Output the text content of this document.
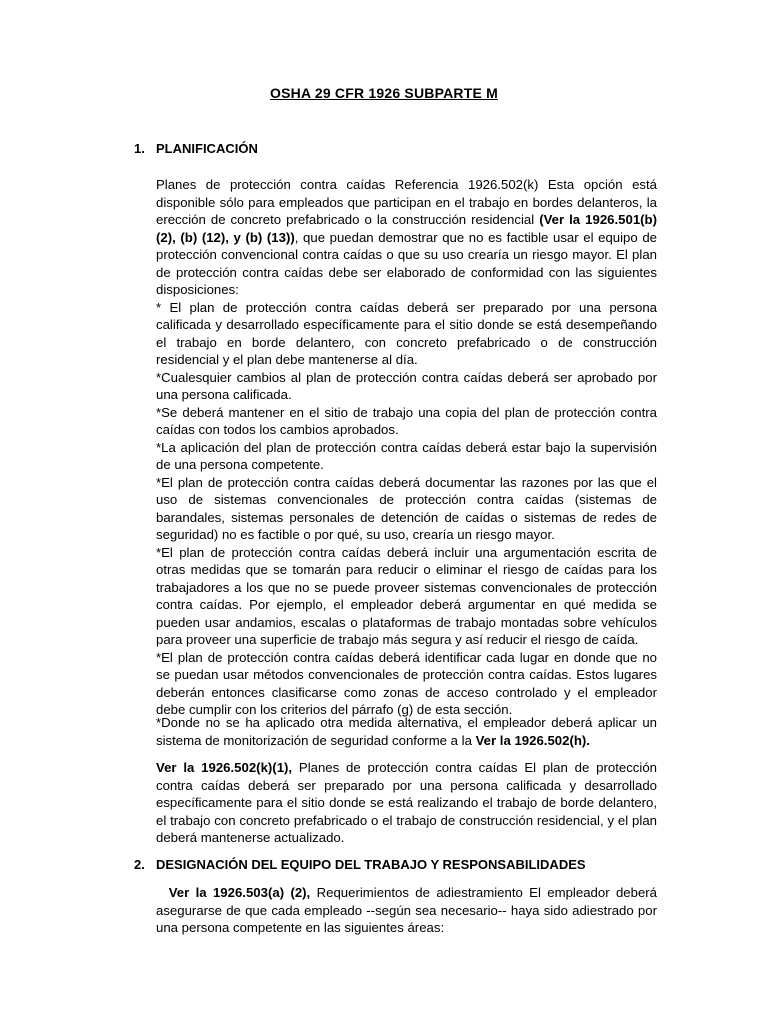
OSHA 29 CFR 1926 SUBPARTE M
1. PLANIFICACIÓN

Planes de protección contra caídas Referencia 1926.502(k) Esta opción está disponible sólo para empleados que participan en el trabajo en bordes delanteros, la erección de concreto prefabricado o la construcción residencial (Ver la 1926.501(b) (2), (b) (12), y (b) (13)), que puedan demostrar que no es factible usar el equipo de protección convencional contra caídas o que su uso crearía un riesgo mayor. El plan de protección contra caídas debe ser elaborado de conformidad con las siguientes disposiciones:

* El plan de protección contra caídas deberá ser preparado por una persona calificada y desarrollado específicamente para el sitio donde se está desempeñando el trabajo en borde delantero, con concreto prefabricado o de construcción residencial y el plan debe mantenerse al día.

*Cualesquier cambios al plan de protección contra caídas deberá ser aprobado por una persona calificada.

*Se deberá mantener en el sitio de trabajo una copia del plan de protección contra caídas con todos los cambios aprobados.

*La aplicación del plan de protección contra caídas deberá estar bajo la supervisión de una persona competente.

*El plan de protección contra caídas deberá documentar las razones por las que el uso de sistemas convencionales de protección contra caídas (sistemas de barandales, sistemas personales de detención de caídas o sistemas de redes de seguridad) no es factible o por qué, su uso, crearía un riesgo mayor.

*El plan de protección contra caídas deberá incluir una argumentación escrita de otras medidas que se tomarán para reducir o eliminar el riesgo de caídas para los trabajadores a los que no se puede proveer sistemas convencionales de protección contra caídas. Por ejemplo, el empleador deberá argumentar en qué medida se pueden usar andamios, escalas o plataformas de trabajo montadas sobre vehículos para proveer una superficie de trabajo más segura y así reducir el riesgo de caída.

*El plan de protección contra caídas deberá identificar cada lugar en donde que no se puedan usar métodos convencionales de protección contra caídas. Estos lugares deberán entonces clasificarse como zonas de acceso controlado y el empleador debe cumplir con los criterios del párrafo (g) de esta sección.

*Donde no se ha aplicado otra medida alternativa, el empleador deberá aplicar un sistema de monitorización de seguridad conforme a la Ver la 1926.502(h).

Ver la 1926.502(k)(1), Planes de protección contra caídas El plan de protección contra caídas deberá ser preparado por una persona calificada y desarrollado específicamente para el sitio donde se está realizando el trabajo de borde delantero, el trabajo con concreto prefabricado o el trabajo de construcción residencial, y el plan deberá mantenerse actualizado.

2. DESIGNACIÓN DEL EQUIPO DEL TRABAJO Y RESPONSABILIDADES

Ver la 1926.503(a) (2), Requerimientos de adiestramiento El empleador deberá asegurarse de que cada empleado --según sea necesario-- haya sido adiestrado por una persona competente en las siguientes áreas:
